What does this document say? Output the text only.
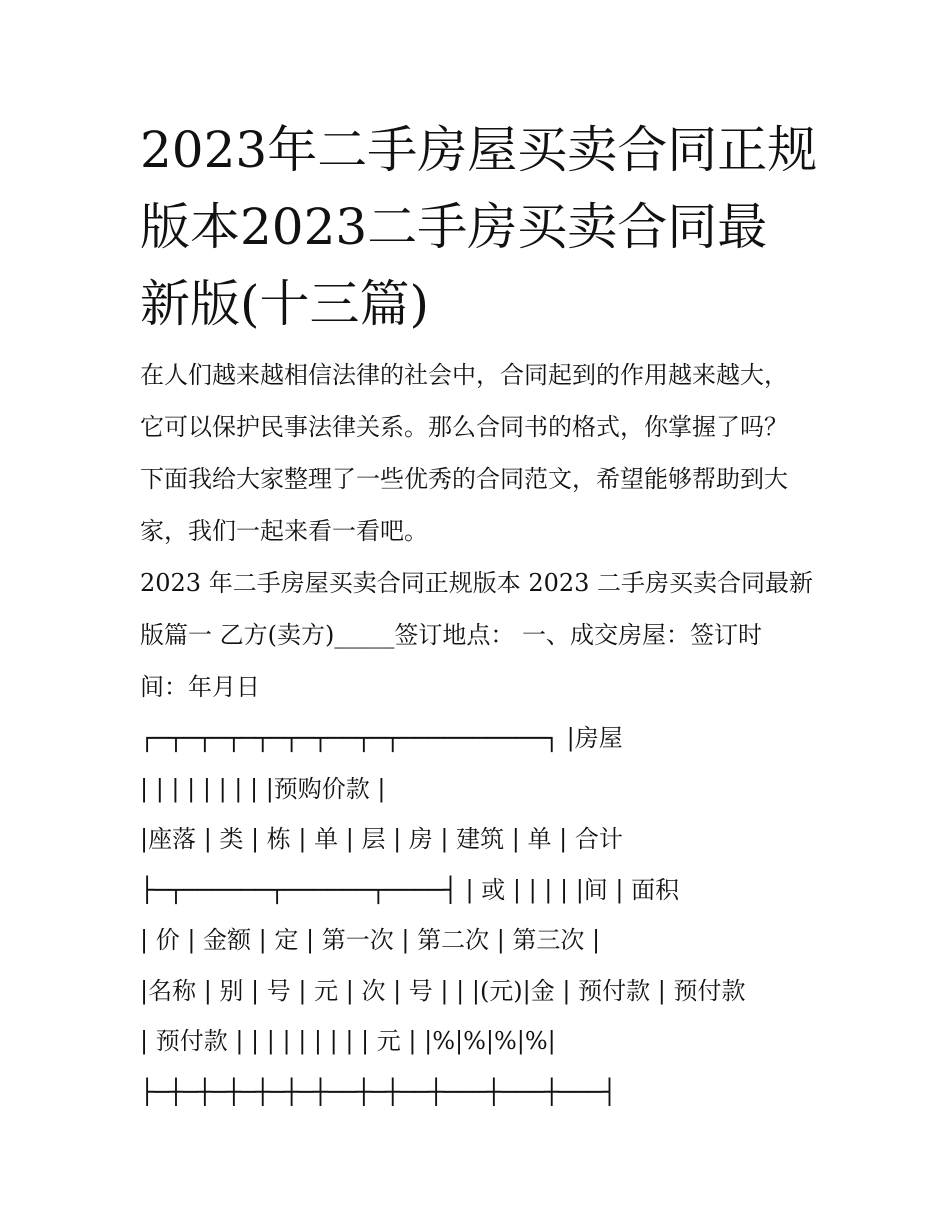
2023年二手房屋买卖合同正规
版本2023二手房买卖合同最
新版(十三篇)

在人们越来越相信法律的社会中，合同起到的作用越来越大，

它可以保护民事法律关系。那么合同书的格式，你掌握了吗？

下面我给大家整理了一些优秀的合同范文，希望能够帮助到大

家，我们一起来看一看吧。

2023 年二手房屋买卖合同正规版本 2023 二手房买卖合同最新

版篇一 乙方(卖方)_____签订地点： 一、成交房屋：签订时

间：年月日

┌─┬─┬─┬─┬─┬─┬──┬─┬──────────┐ |房屋

| | | | | | | | |预购价款 |

|座落 | 类 | 栋 | 单 | 层 | 房 | 建筑 | 单 | 合计

├─┬──────┬──────┬────┤ | 或 | | | | |间 | 面积

| 价 | 金额 | 定 | 第一次 | 第二次 | 第三次 |

|名称 | 别 | 号 | 元 | 次 | 号 | | |(元)|金 | 预付款 | 预付款

| 预付款 | | | | | | | | | 元 | |%|%|%|%|

├─┼─┼─┼─┼─┼─┼──┼─┼──┼───┼───┼───┤
